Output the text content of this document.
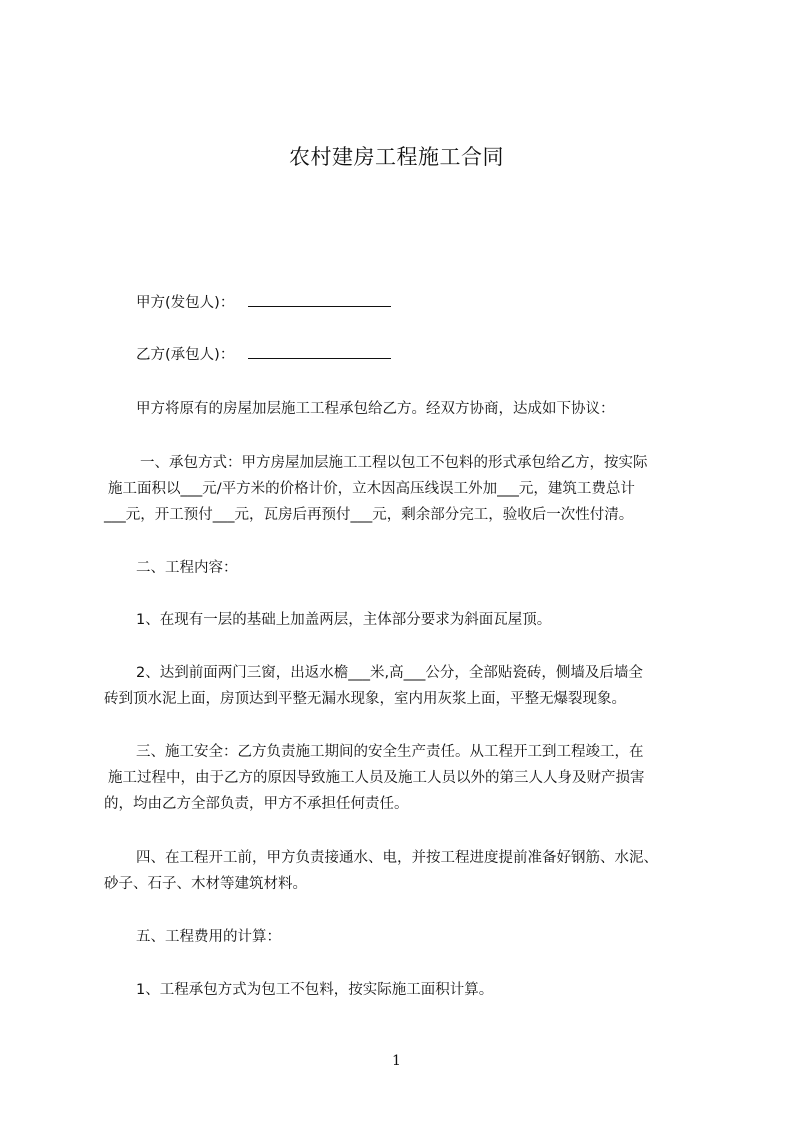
农村建房工程施工合同
甲方(发包人)：
乙方(承包人)：
甲方将原有的房屋加层施工工程承包给乙方。经双方协商，达成如下协议：
一、承包方式：甲方房屋加层施工工程以包工不包料的形式承包给乙方，按实际
施工面积以___元/平方米的价格计价，立木因高压线误工外加___元，建筑工费总计
___元，开工预付___元，瓦房后再预付___元，剩余部分完工，验收后一次性付清。
二、工程内容：
1、在现有一层的基础上加盖两层，主体部分要求为斜面瓦屋顶。
2、达到前面两门三窗，出返水檐___米,高___公分，全部贴瓷砖，侧墙及后墙全
砖到顶水泥上面，房顶达到平整无漏水现象，室内用灰浆上面，平整无爆裂现象。
三、施工安全：乙方负责施工期间的安全生产责任。从工程开工到工程竣工，在
施工过程中，由于乙方的原因导致施工人员及施工人员以外的第三人人身及财产损害
的，均由乙方全部负责，甲方不承担任何责任。
四、在工程开工前，甲方负责接通水、电，并按工程进度提前准备好钢筋、水泥、
砂子、石子、木材等建筑材料。
五、工程费用的计算：
1、工程承包方式为包工不包料，按实际施工面积计算。
1
